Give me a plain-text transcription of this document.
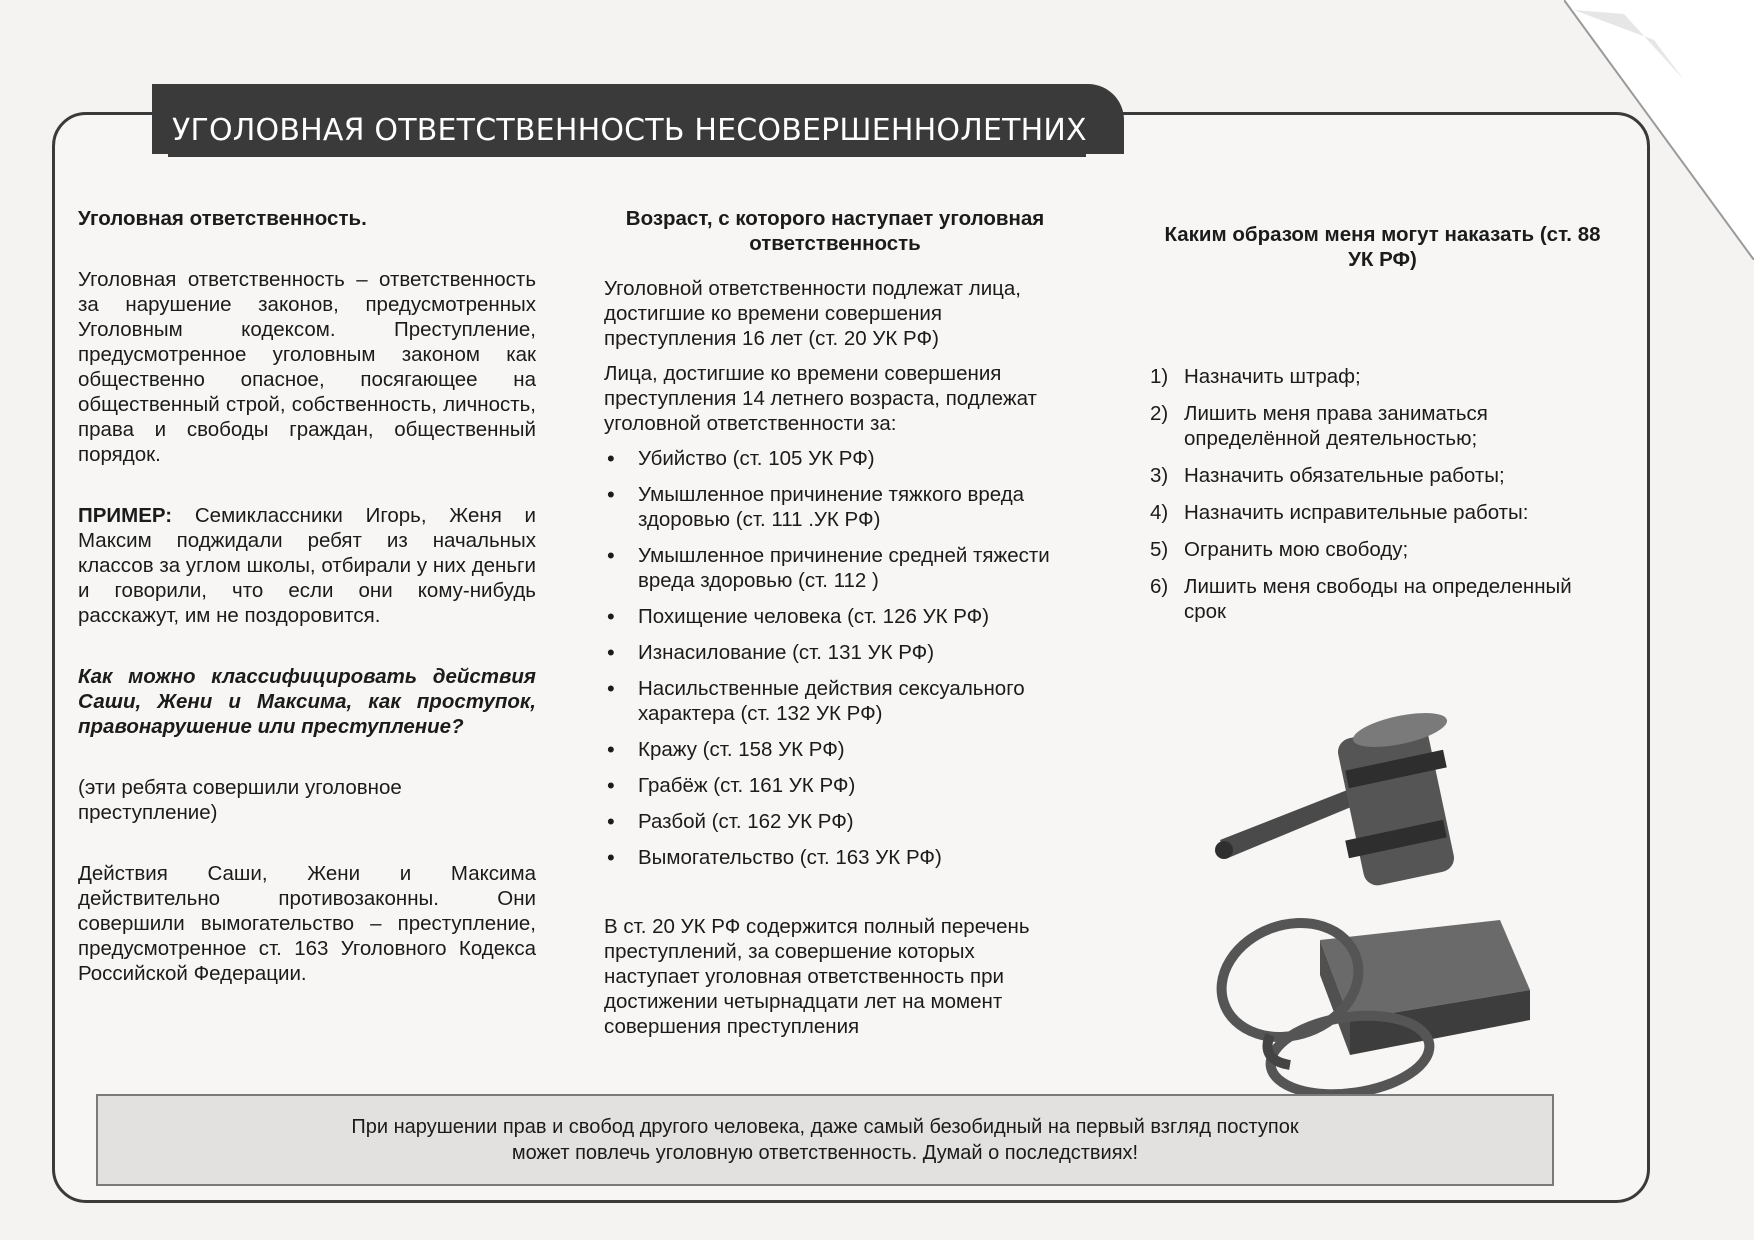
УГОЛОВНАЯ ОТВЕТСТВЕННОСТЬ НЕСОВЕРШЕННОЛЕТНИХ

Уголовная ответственность.

Уголовная ответственность – ответственность за нарушение законов, предусмотренных Уголовным кодексом. Преступление, предусмотренное уголовным законом как общественно опасное, посягающее на общественный строй, собственность, личность, права и свободы граждан, общественный порядок.

ПРИМЕР: Семиклассники Игорь, Женя и Максим поджидали ребят из начальных классов за углом школы, отбирали у них деньги и говорили, что если они кому-нибудь расскажут, им не поздоровится.

Как можно классифицировать действия Саши, Жени и Максима, как проступок, правонарушение или преступление?

(эти ребята совершили уголовное преступление)

Действия Саши, Жени и Максима действительно противозаконны. Они совершили вымогательство – преступление, предусмотренное ст. 163 Уголовного Кодекса Российской Федерации.

Возраст, с которого наступает уголовная ответственность

Уголовной ответственности подлежат лица, достигшие ко времени совершения преступления 16 лет (ст. 20 УК РФ)

Лица, достигшие ко времени совершения преступления 14 летнего возраста, подлежат уголовной ответственности за:

• Убийство (ст. 105 УК РФ)
• Умышленное причинение тяжкого вреда здоровью (ст. 111 .УК РФ)
• Умышленное причинение средней тяжести вреда здоровью (ст. 112 )
• Похищение человека (ст. 126 УК РФ)
• Изнасилование (ст. 131 УК РФ)
• Насильственные действия сексуального характера (ст. 132 УК РФ)
• Кражу (ст. 158 УК РФ)
• Грабёж (ст. 161 УК РФ)
• Разбой (ст. 162 УК РФ)
• Вымогательство (ст. 163 УК РФ)

В ст. 20 УК РФ содержится полный перечень преступлений, за совершение которых наступает уголовная ответственность при достижении четырнадцати лет на момент совершения преступления

Каким образом меня могут наказать (ст. 88 УК РФ)

1) Назначить штраф;
2) Лишить меня права заниматься определённой деятельностью;
3) Назначить обязательные работы;
4) Назначить исправительные работы:
5) Огранить мою свободу;
6) Лишить меня свободы на определенный срок
При нарушении прав и свобод другого человека, даже самый безобидный на первый взгляд поступок
может повлечь уголовную ответственность. Думай о последствиях!
